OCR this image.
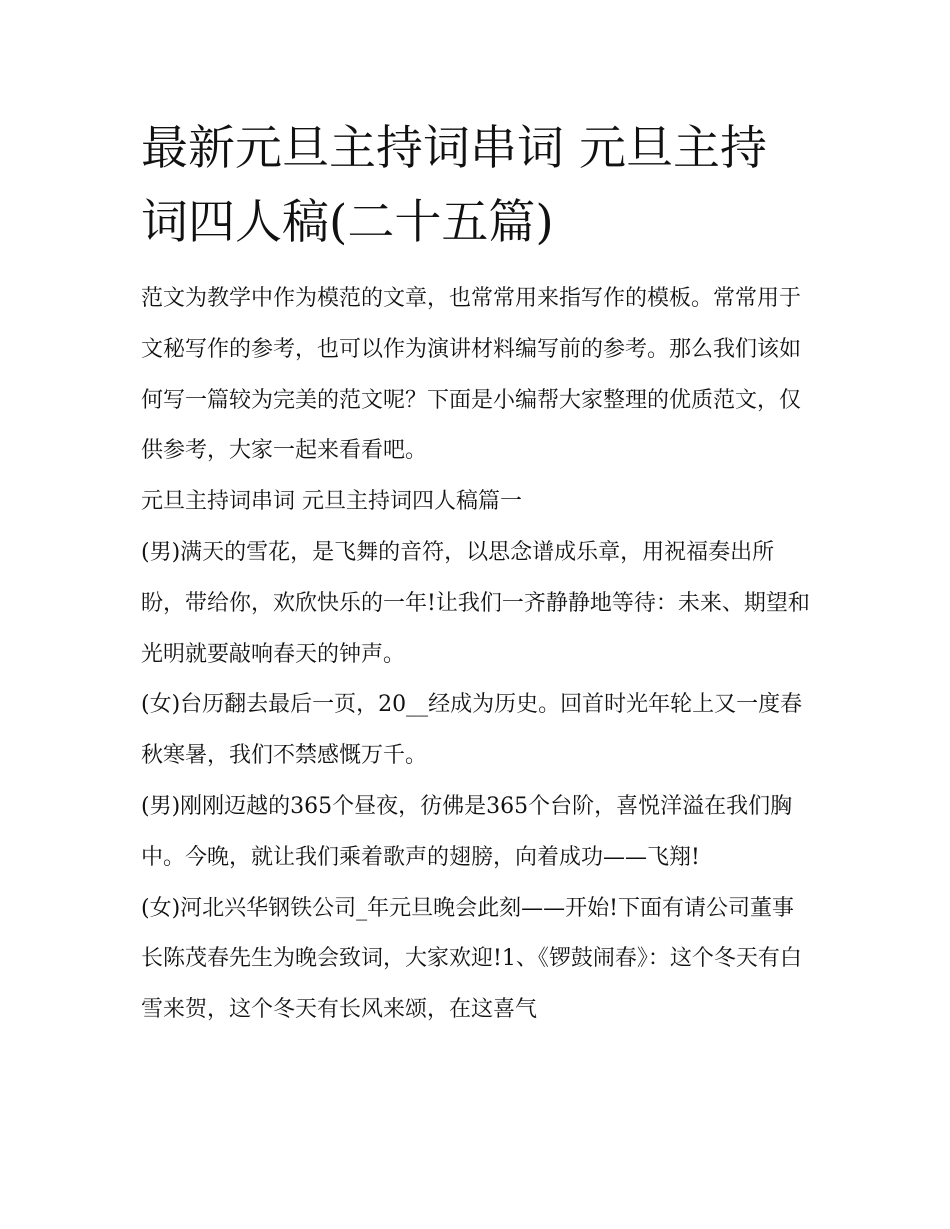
最新元旦主持词串词 元旦主持词四人稿(二十五篇)

范文为教学中作为模范的文章，也常常用来指写作的模板。常常用于文秘写作的参考，也可以作为演讲材料编写前的参考。那么我们该如何写一篇较为完美的范文呢？下面是小编帮大家整理的优质范文，仅供参考，大家一起来看看吧。

元旦主持词串词 元旦主持词四人稿篇一

(男)满天的雪花，是飞舞的音符，以思念谱成乐章，用祝福奏出所盼，带给你，欢欣快乐的一年!让我们一齐静静地等待：未来、期望和光明就要敲响春天的钟声。

(女)台历翻去最后一页，20__经成为历史。回首时光年轮上又一度春秋寒暑，我们不禁感慨万千。

(男)刚刚迈越的365个昼夜，彷佛是365个台阶，喜悦洋溢在我们胸中。今晚，就让我们乘着歌声的翅膀，向着成功——飞翔!

(女)河北兴华钢铁公司_年元旦晚会此刻——开始!下面有请公司董事长陈茂春先生为晚会致词，大家欢迎!1、《锣鼓闹春》：这个冬天有白雪来贺，这个冬天有长风来颂，在这喜气
